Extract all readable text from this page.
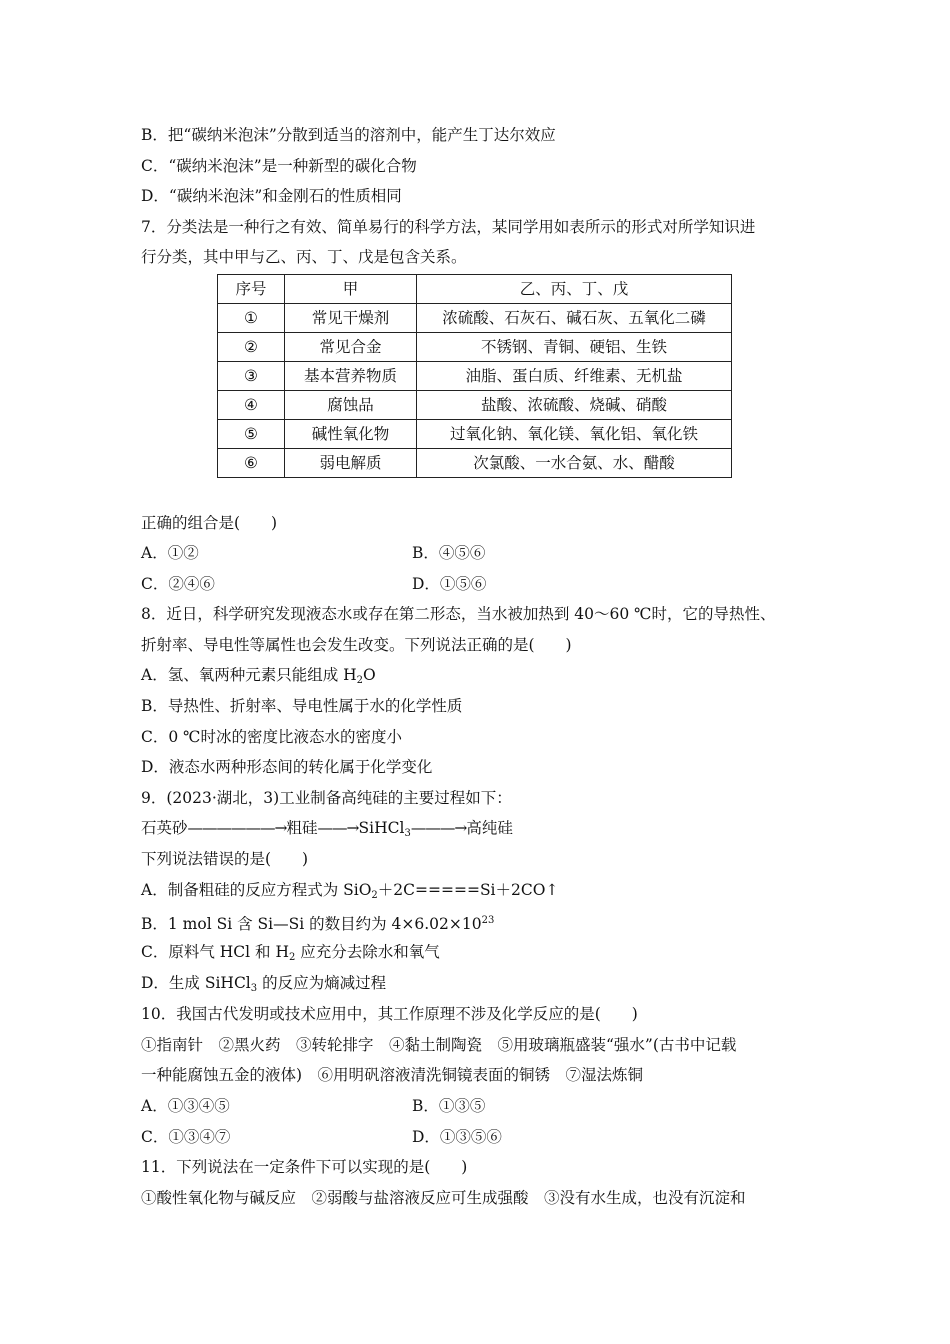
B．把“碳纳米泡沫”分散到适当的溶剂中，能产生丁达尔效应
C．“碳纳米泡沫”是一种新型的碳化合物
D．“碳纳米泡沫”和金刚石的性质相同
7．分类法是一种行之有效、简单易行的科学方法，某同学用如表所示的形式对所学知识进
行分类，其中甲与乙、丙、丁、戊是包含关系。
序号	甲	乙、丙、丁、戊
①	常见干燥剂	浓硫酸、石灰石、碱石灰、五氧化二磷
②	常见合金	不锈钢、青铜、硬铝、生铁
③	基本营养物质	油脂、蛋白质、纤维素、无机盐
④	腐蚀品	盐酸、浓硫酸、烧碱、硝酸
⑤	碱性氧化物	过氧化钠、氧化镁、氧化铝、氧化铁
⑥	弱电解质	次氯酸、一水合氨、水、醋酸
正确的组合是(　　)
A．①②	B．④⑤⑥
C．②④⑥	D．①⑤⑥
8．近日，科学研究发现液态水或存在第二形态，当水被加热到 40～60 ℃时，它的导热性、
折射率、导电性等属性也会发生改变。下列说法正确的是(　　)
A．氢、氧两种元素只能组成 $H_2O$
B．导热性、折射率、导电性属于水的化学性质
C．0 ℃时冰的密度比液态水的密度小
D．液态水两种形态间的转化属于化学变化
9．(2023·湖北，3)工业制备高纯硅的主要过程如下：
石英砂——————→粗硅——→SiHCl$_3$———→高纯硅
下列说法错误的是(　　)
A．制备粗硅的反应方程式为 SiO$_2$＋2C=====Si＋2CO↑
B．1 mol Si 含 Si—Si 的数目约为 $4\times 6.02\times 10^{23}$
C．原料气 HCl 和 $H_2$ 应充分去除水和氧气
D．生成 SiHCl$_3$ 的反应为熵减过程
10．我国古代发明或技术应用中，其工作原理不涉及化学反应的是(　　)
①指南针　②黑火药　③转轮排字　④黏土制陶瓷　⑤用玻璃瓶盛装“强水”(古书中记载
一种能腐蚀五金的液体)　⑥用明矾溶液清洗铜镜表面的铜锈　⑦湿法炼铜
A．①③④⑤	B．①③⑤
C．①③④⑦	D．①③⑤⑥
11．下列说法在一定条件下可以实现的是(　　)
①酸性氧化物与碱反应　②弱酸与盐溶液反应可生成强酸　③没有水生成，也没有沉淀和
